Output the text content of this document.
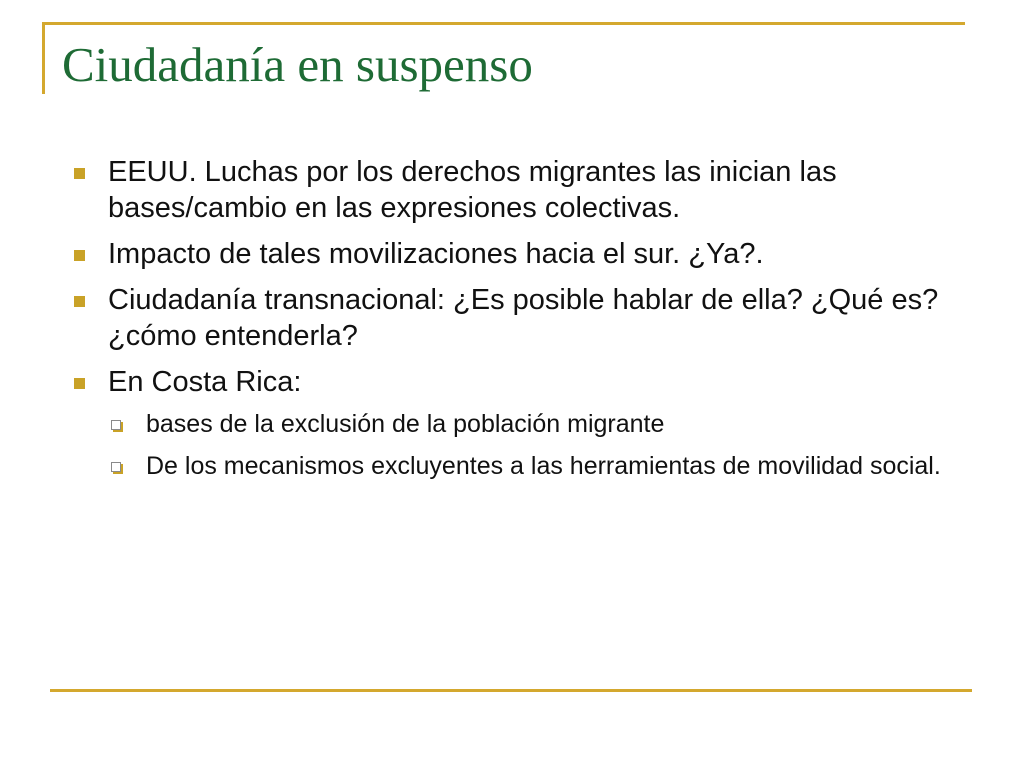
Ciudadanía en suspenso
EEUU. Luchas por los derechos migrantes las inician las bases/cambio en las expresiones colectivas.
Impacto de tales movilizaciones hacia el sur. ¿Ya?.
Ciudadanía transnacional: ¿Es posible hablar de ella? ¿Qué es? ¿cómo entenderla?
En Costa Rica:
bases de la exclusión de la población migrante
De los mecanismos excluyentes a las herramientas de movilidad social.
